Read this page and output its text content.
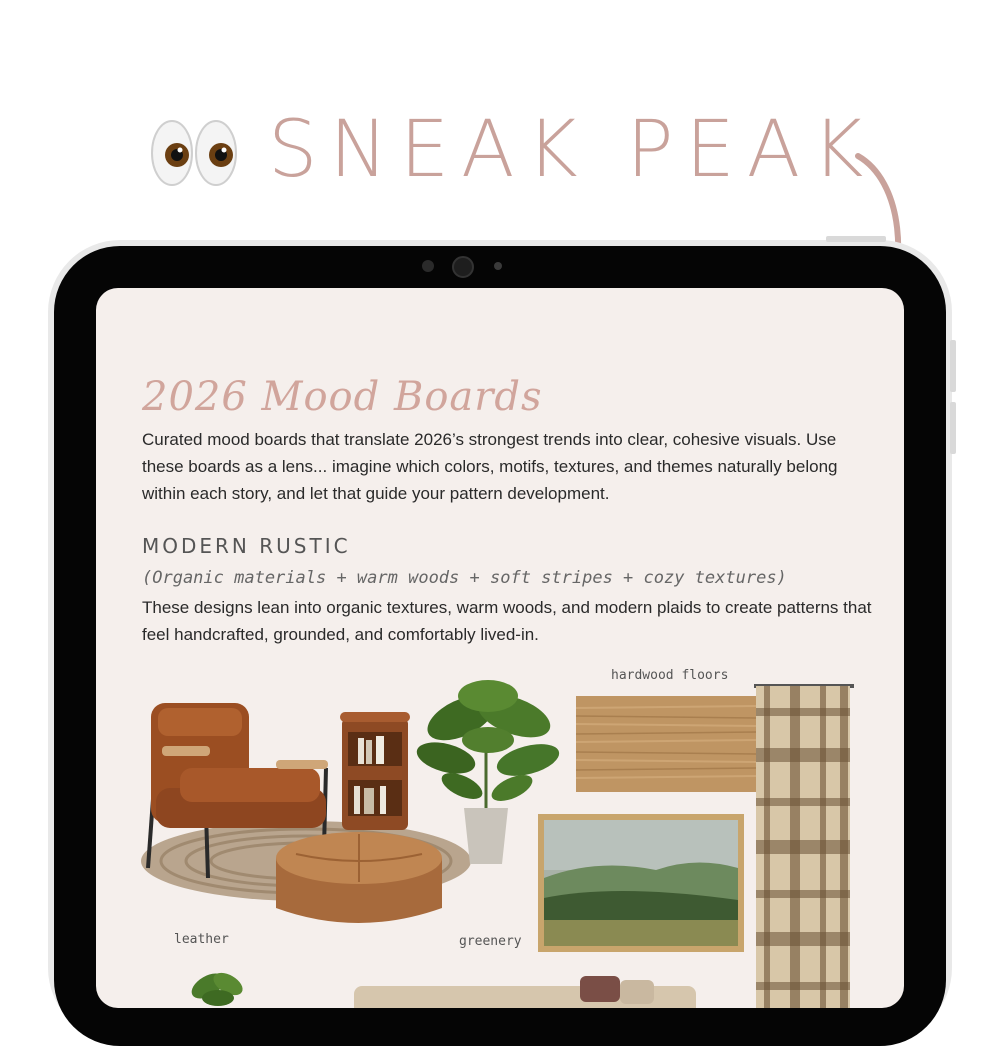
SNEAK PEAK
2026 Mood Boards
Curated mood boards that translate 2026’s strongest trends into clear, cohesive visuals. Use these boards as a lens... imagine which colors, motifs, textures, and themes naturally belong within each story, and let that guide your pattern development.
MODERN RUSTIC
(Organic materials + warm woods + soft stripes + cozy textures)
These designs lean into organic textures, warm woods, and modern plaids to create patterns that feel handcrafted, grounded, and comfortably lived-in.
hardwood floors
leather	greenery
